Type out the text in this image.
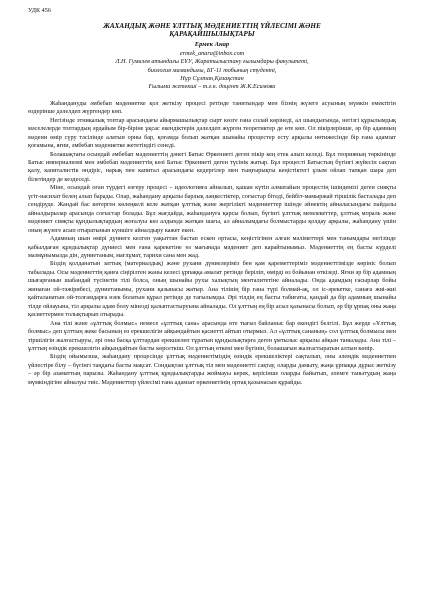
УДК 456
ЖАХАНДЫҚ ЖӘНЕ ҰЛТТЫҚ МӘДЕНИЕТТІҢ ҮЙЛЕСІМІ ЖӘНЕ
ҚАРАҚАЙШЫЛЫҚТАРЫ
Ермек Анар
ermek_anara@inbox.com
Л.Н. Гумилев атындағы ЕҰУ, Жаратылыстану ғылымдары факультеті,
биология мамандығы, БГ-11 тобының студенті,
Нұр Сұлтан,Қазақстан
Ғылыми жетекші – т.ғ.к. доцент Ж.К.Есимова

Жаһандануды әмбебап мәдениетке қол жеткізу процесі ретінде танитындар мен бізнің жүзеге асуының мүмкін емектігін өздерінше дәлелдеп жүргендер көп.

Негізінде этникалық топтар арасындағы айырмашылықтар сырт көзге ғана солай көрінеді, ал шындығында, негізгі құрылымдық мәселелерде топтардың әрдайым бір-біріне ұқсас екендіктерін дәлелдеп жүрген теоретиктер де өте көп. Ол пікірлерінше, әр бір адамның мәдени өмір сүру тәсілінде алатын орны бар, қоғамда болып жатқан шынайы процестер есту арқылы нөтижесінде бір ғана адамзат қоғамына, яғни, әмбебап мәдениетке жететіндігі сенеді.

Болашақтағы осындай әмбебап мәдениеттің дәнегі Батыс Өркениеті деген пікір кең етек алып келеді. Бұл теорияның төркінінде Батыс империализмі мен әмбебап мәдениеттің көзі Батыс Өркениеті деген түсінік жатыр. Бұл процесті Батыстың бүгінгі жүйесін сақтап қалу, капиталистік өндіріс, нарық пен капитал арасындағы кедергілер мен тыңғырықты кеңістіктегі ұлым ойлап тапқан шара деп білетіндер де кездеседі.

Міне, осындай оған түрдегі өзгеру процесі – идеологияға айналып, қашан күтіп алматайын процестің ішіндемізі деген сияқты үгіт-насихат белең алып барады. Олар, жаһандану арқылы барлық лаңкестіктер, соғыстар бітеді, бейбіт-мамыржай тіршілік басталады деп сендіруде. Жандай бас көтерген көлеңкелі келе жатқан ұлттық және жергілікті мәдениеттер ішінде әйнектің айналасындағы пайдалы айналдырылар арасында соғыстар болады. Бұл жағдайда, жаһандануға қарсы болып, бүгінгі ұлттық мемлекеттер, ұлттық мораль және мәдениет сияқты құндылықтардың жоғалуы көз алдында жатқан шағы, ал айналымдағы болмыстарды қолдау арқылы, жаһандану үшін оның жүзеге асып отыратынын күншіге айналдыру кажет екен.

Адамның шын өмірі дүниеге келген уақыттан бастап ескен ортасы, кеңістігінен алған мәліметтері мен танымдары негізінде қабылдаған құндылықтар дүниесі мен ғана қарекетіне өз мағынада мәдениет деп карайтынымыз. Мәдениеттің ең басты күрделі мазмұнымызда дін, дүниетаным, мағлұмат, тарихи сана мен жад.

Біздің қолданатын заттық (материалдық) және рухани дүниелеріміз бен қам қареметтеріміз мәдениеттімізде көрініс болып табылады. Осы мәдениеттің қанға сіңірілген жаны келесі ұрпаққа амалат ретінде беріліп, өмірді өз бойынан өткізеді. Яғни әр бір адамның шығарғанын шабандай түсінетін тілі болса, оның шынайы рухы халықтың менталитетіне айналады. Онда адамдың ғасырлар бойы жинаған ой-тәжірибесі, дүниетанымы, рухани қазынасы жатыр. Ана тілінің бір ғана түрі болмай-ақ, ол іс-әрекетке, санаға жиі-жиі қайталанатын ой-толғамдарға өзек болатын құрал ретінде де тағылымды. Әрі тілдің ең басты табиғаты, қандай да бір адамның шынайы тілде ойлауына, тіл арқылы адам болу мінезді қалыптастыруына айналады. Ол ұлттың ең бір асыл қазынасы болып, әр бір ұрпақ оны жаңа қасиеттермен толықтырып отырады.

Ана тілі және «ұлттық болмыс» немесе «ұлттық сана» арасында өте тығыз байланыс бар екендігі белгілі. Бұл жерде «Ұлттық болмыс» деп ұлттың жеке басының өз ерекшелігін айқындайтын қасиетті айтып отырмыз. Ал «ұлттық сананың» сол ұлттық болмысы мен тіршілігін жалғастыруы, әрі оны басқа ұлттардан ерекшелеп тұратын құндылықтарға деген ұмтылыс арқылы айқын танылады. Ана тілі – ұлттың өзіндік ерекшелігін айқындайтын басты көрсеткіш. Ол ұлттың өткені мен бүгінін, болашағын жалғастыратын алтын көпір.

Біздің ойымызша, жаһандану процесінде ұлттық мәдениетіміздің өзіндік ерекшеліктері сақталып, оны әлемдік мәдениетпен үйлестіре білу – бүгінгі таңдағы басты мақсат. Сондықтан ұлттық тіл мен мәдениетті сақтау, оларды дамыту, жаңа ұрпаққа дұрыс жеткізу – әр бір азаматтың парызы. Жаһандану ұлттық құндылықтарды жоймауы керек, керісінше оларды байытып, әлемге танытудың жаңа мүмкіндігіне айналуы тиіс. Мәдениеттер үйлесімі ғана адамзат өркениетінің ортақ қазынасын құрайды.
